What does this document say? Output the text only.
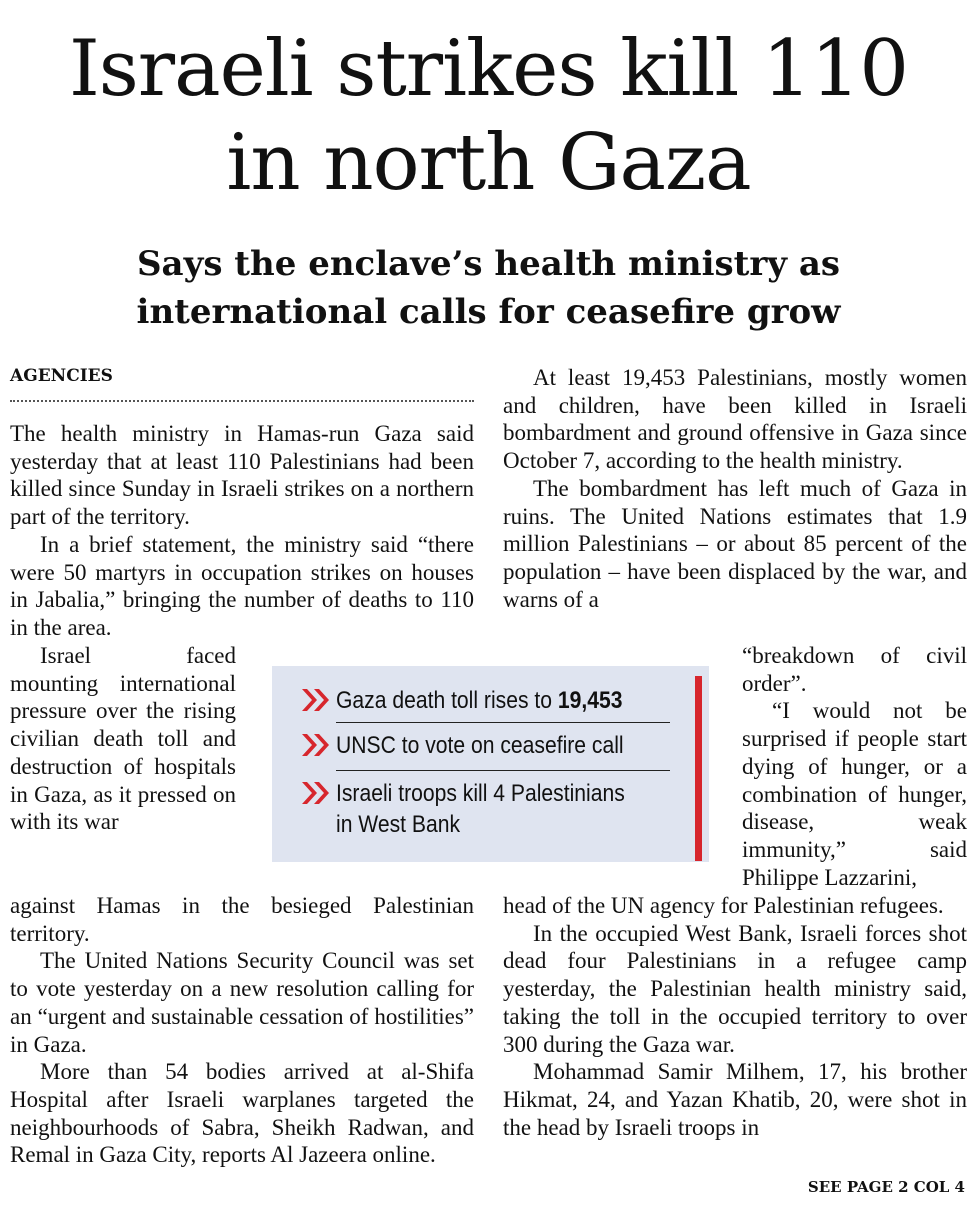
Israeli strikes kill 110
in north Gaza
Says the enclave’s health ministry as
international calls for ceasefire grow
AGENCIES

The health ministry in Hamas-run Gaza said yesterday that at least 110 Palestinians had been killed since Sunday in Israeli strikes on a northern part of the territory.

In a brief statement, the ministry said “there were 50 martyrs in occupation strikes on houses in Jabalia,” bringing the number of deaths to 110 in the area.

Israel faced mounting international pressure over the rising civilian death toll and destruction of hospitals in Gaza, as it pressed on with its war

against Hamas in the besieged Palestinian territory.

The United Nations Security Council was set to vote yesterday on a new resolution calling for an “urgent and sustainable cessation of hostilities” in Gaza.

More than 54 bodies arrived at al-Shifa Hospital after Israeli warplanes targeted the neighbourhoods of Sabra, Sheikh Radwan, and Remal in Gaza City, reports Al Jazeera online.

At least 19,453 Palestinians, mostly women and children, have been killed in Israeli bombardment and ground offensive in Gaza since October 7, according to the health ministry.

The bombardment has left much of Gaza in ruins. The United Nations estimates that 1.9 million Palestinians – or about 85 percent of the population – have been displaced by the war, and warns of a

“breakdown of civil order”.

“I would not be surprised if people start dying of hunger, or a combination of hunger, disease, weak immunity,” said Philippe Lazzarini,

head of the UN agency for Palestinian refugees.

In the occupied West Bank, Israeli forces shot dead four Palestinians in a refugee camp yesterday, the Palestinian health ministry said, taking the toll in the occupied territory to over 300 during the Gaza war.

Mohammad Samir Milhem, 17, his brother Hikmat, 24, and Yazan Khatib, 20, were shot in the head by Israeli troops in

SEE PAGE 2 COL 4
Gaza death toll rises to 19,453
UNSC to vote on ceasefire call
Israeli troops kill 4 Palestinians
in West Bank
